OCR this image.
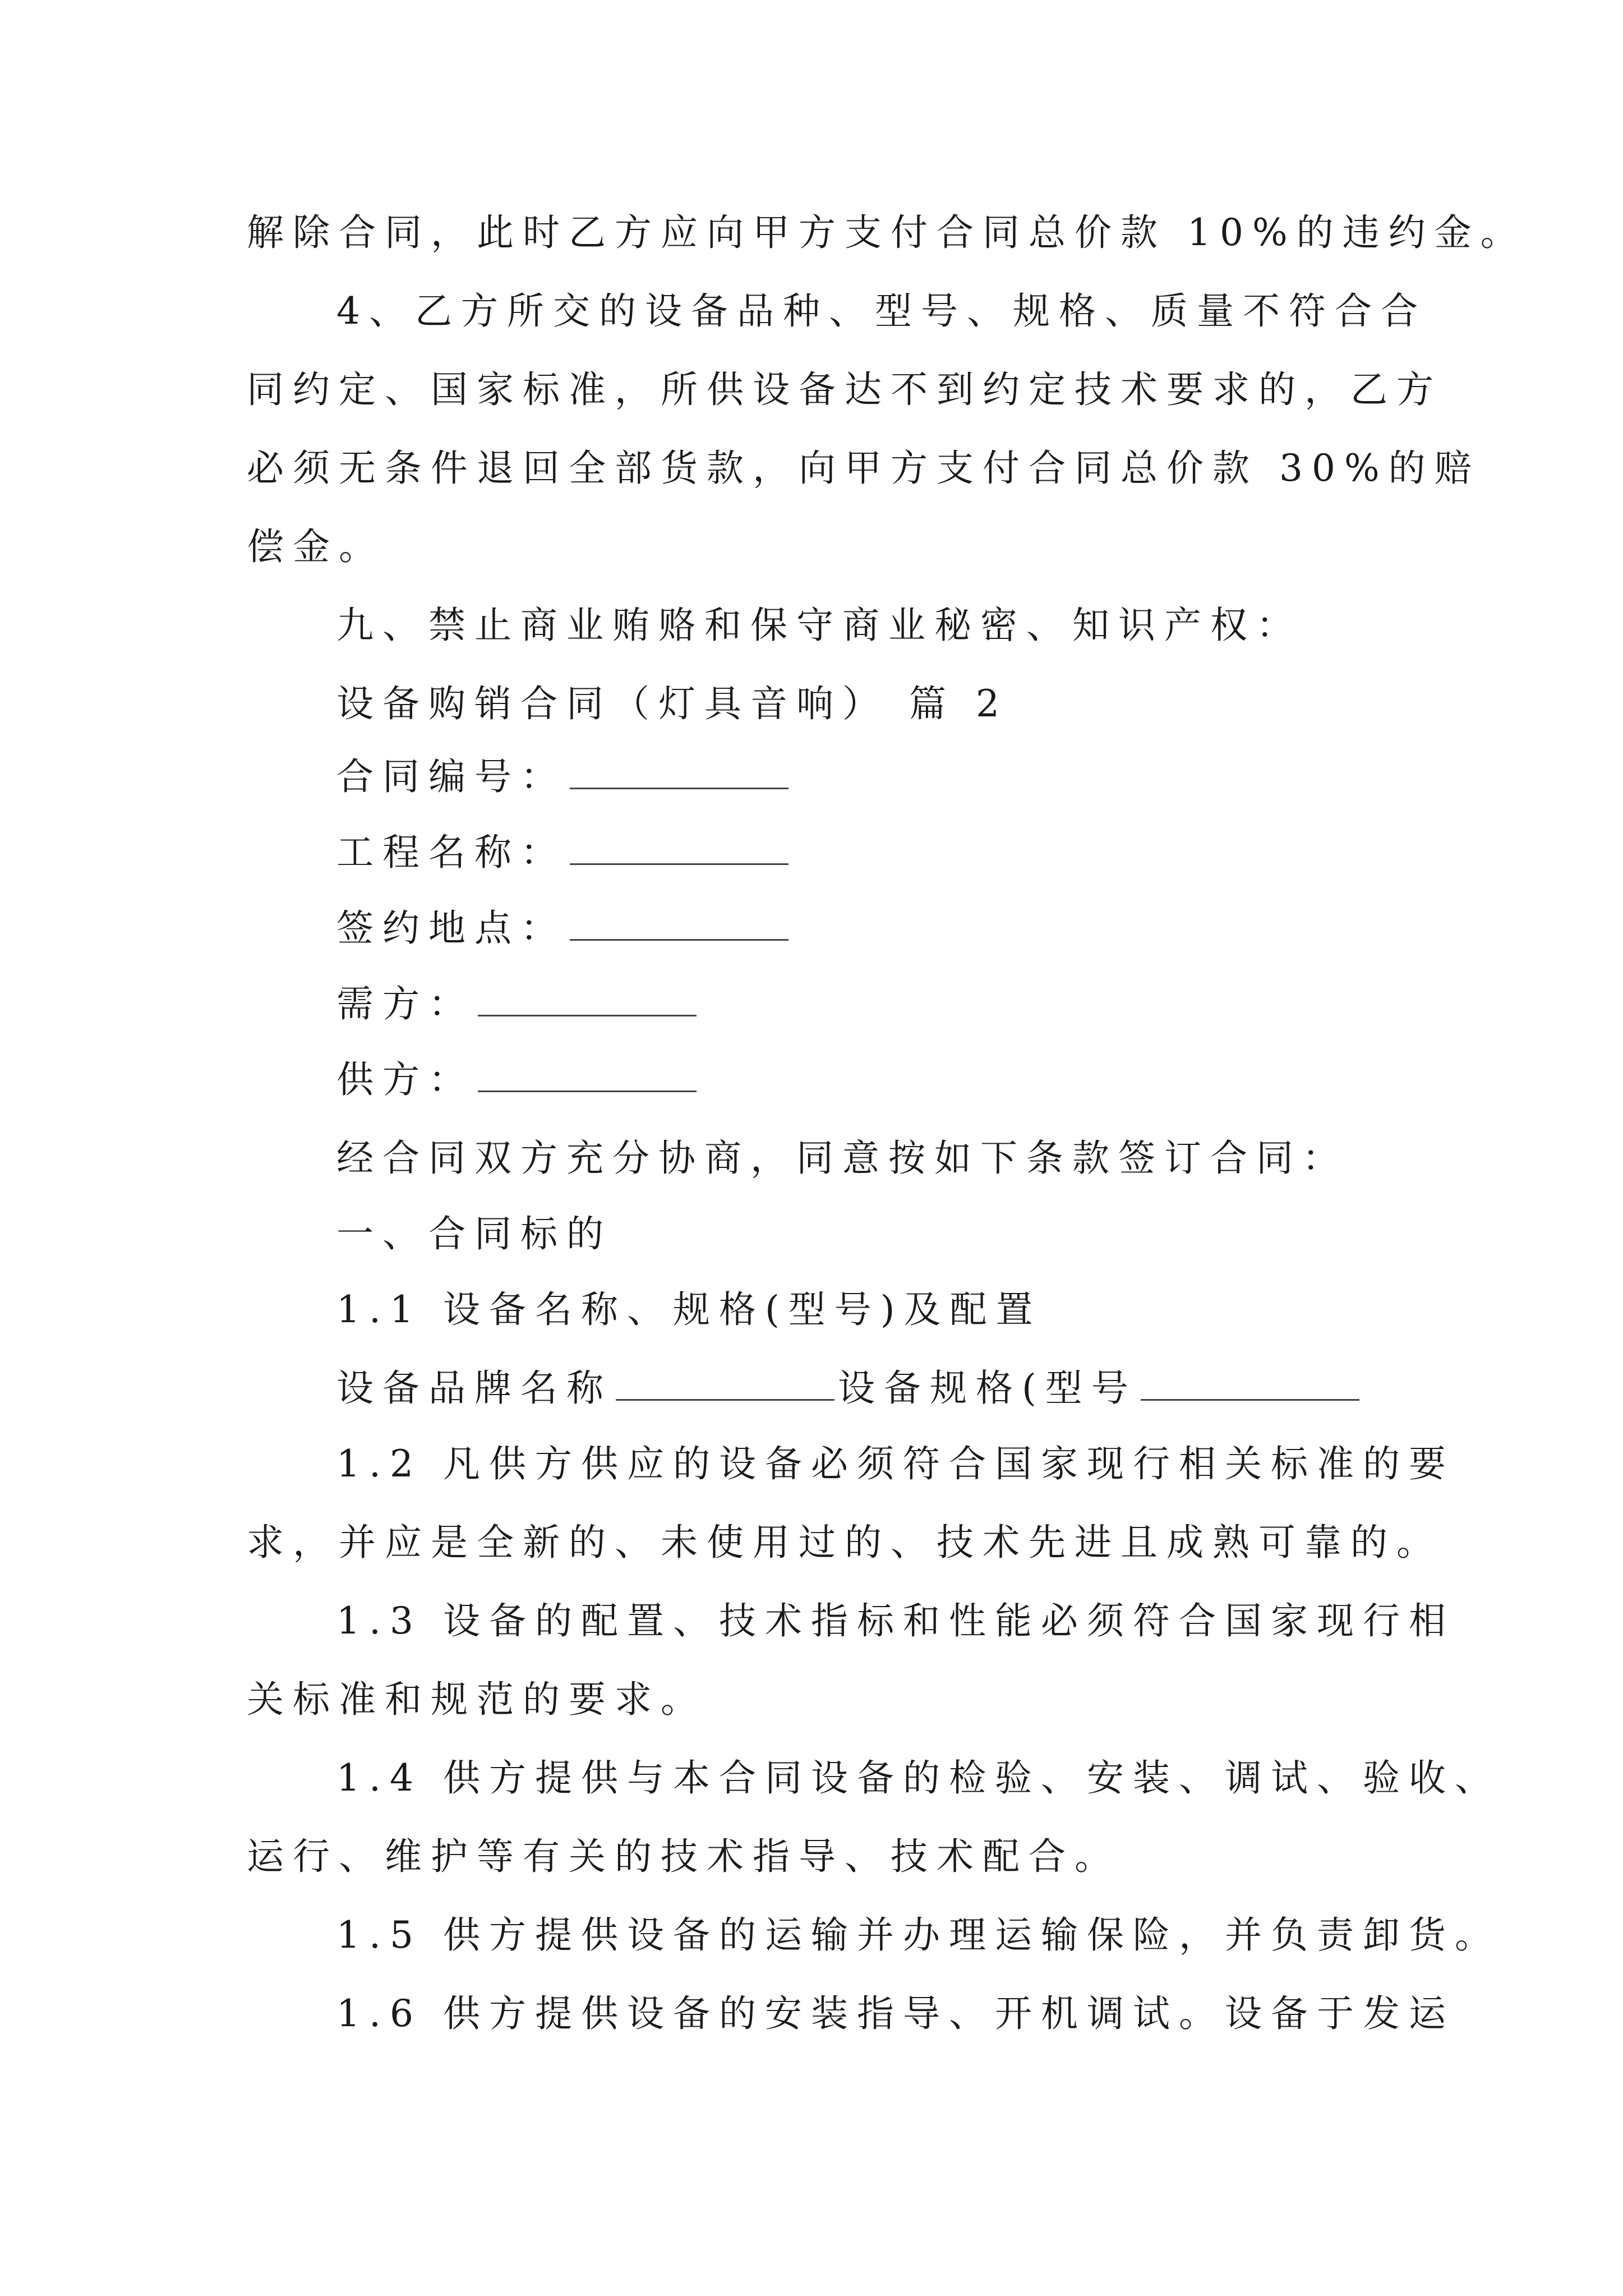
解除合同，此时乙方应向甲方支付合同总价款 10%的违约金。
4、乙方所交的设备品种、型号、规格、质量不符合合
同约定、国家标准，所供设备达不到约定技术要求的，乙方
必须无条件退回全部货款，向甲方支付合同总价款 30%的赔
偿金。
九、禁止商业贿赂和保守商业秘密、知识产权：
设备购销合同（灯具音响） 篇 2
合同编号：
工程名称：
签约地点：
需方：
供方：
经合同双方充分协商，同意按如下条款签订合同：
一、合同标的
1.1 设备名称、规格(型号)及配置
设备品牌名称	设备规格(型号
1.2 凡供方供应的设备必须符合国家现行相关标准的要
求，并应是全新的、未使用过的、技术先进且成熟可靠的。
1.3 设备的配置、技术指标和性能必须符合国家现行相
关标准和规范的要求。
1.4 供方提供与本合同设备的检验、安装、调试、验收、
运行、维护等有关的技术指导、技术配合。
1.5 供方提供设备的运输并办理运输保险，并负责卸货。
1.6 供方提供设备的安装指导、开机调试。设备于发运
